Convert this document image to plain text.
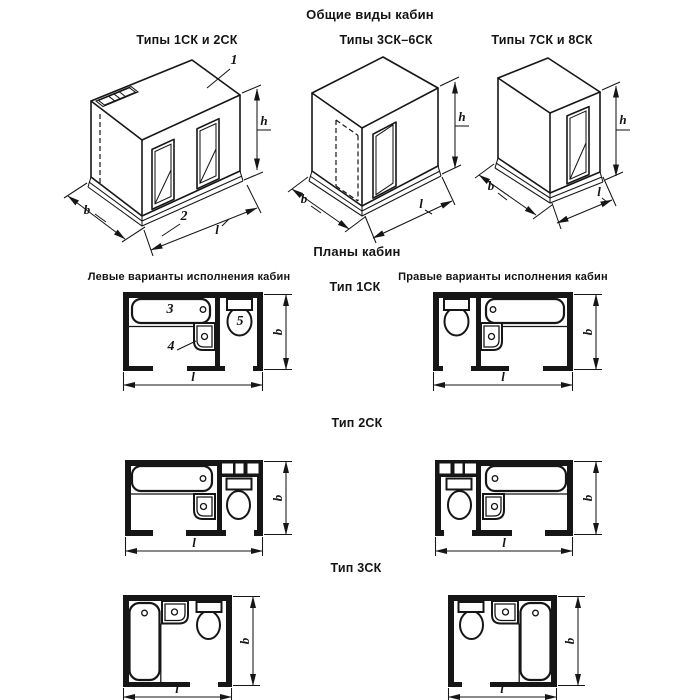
Общие виды кабин
Типы 1СК и 2СК	Типы 3СК–6СК	Типы 7СК и 8СК
Планы кабин
Левые варианты исполнения кабин	Правые варианты исполнения кабин
Тип 1СК
Тип 2СК
Тип 3СК
b
l
h
b	l
h
b	l
h
l
b
l
b
l
b
l
b
l
b
l
b
1
2
3
4
5
